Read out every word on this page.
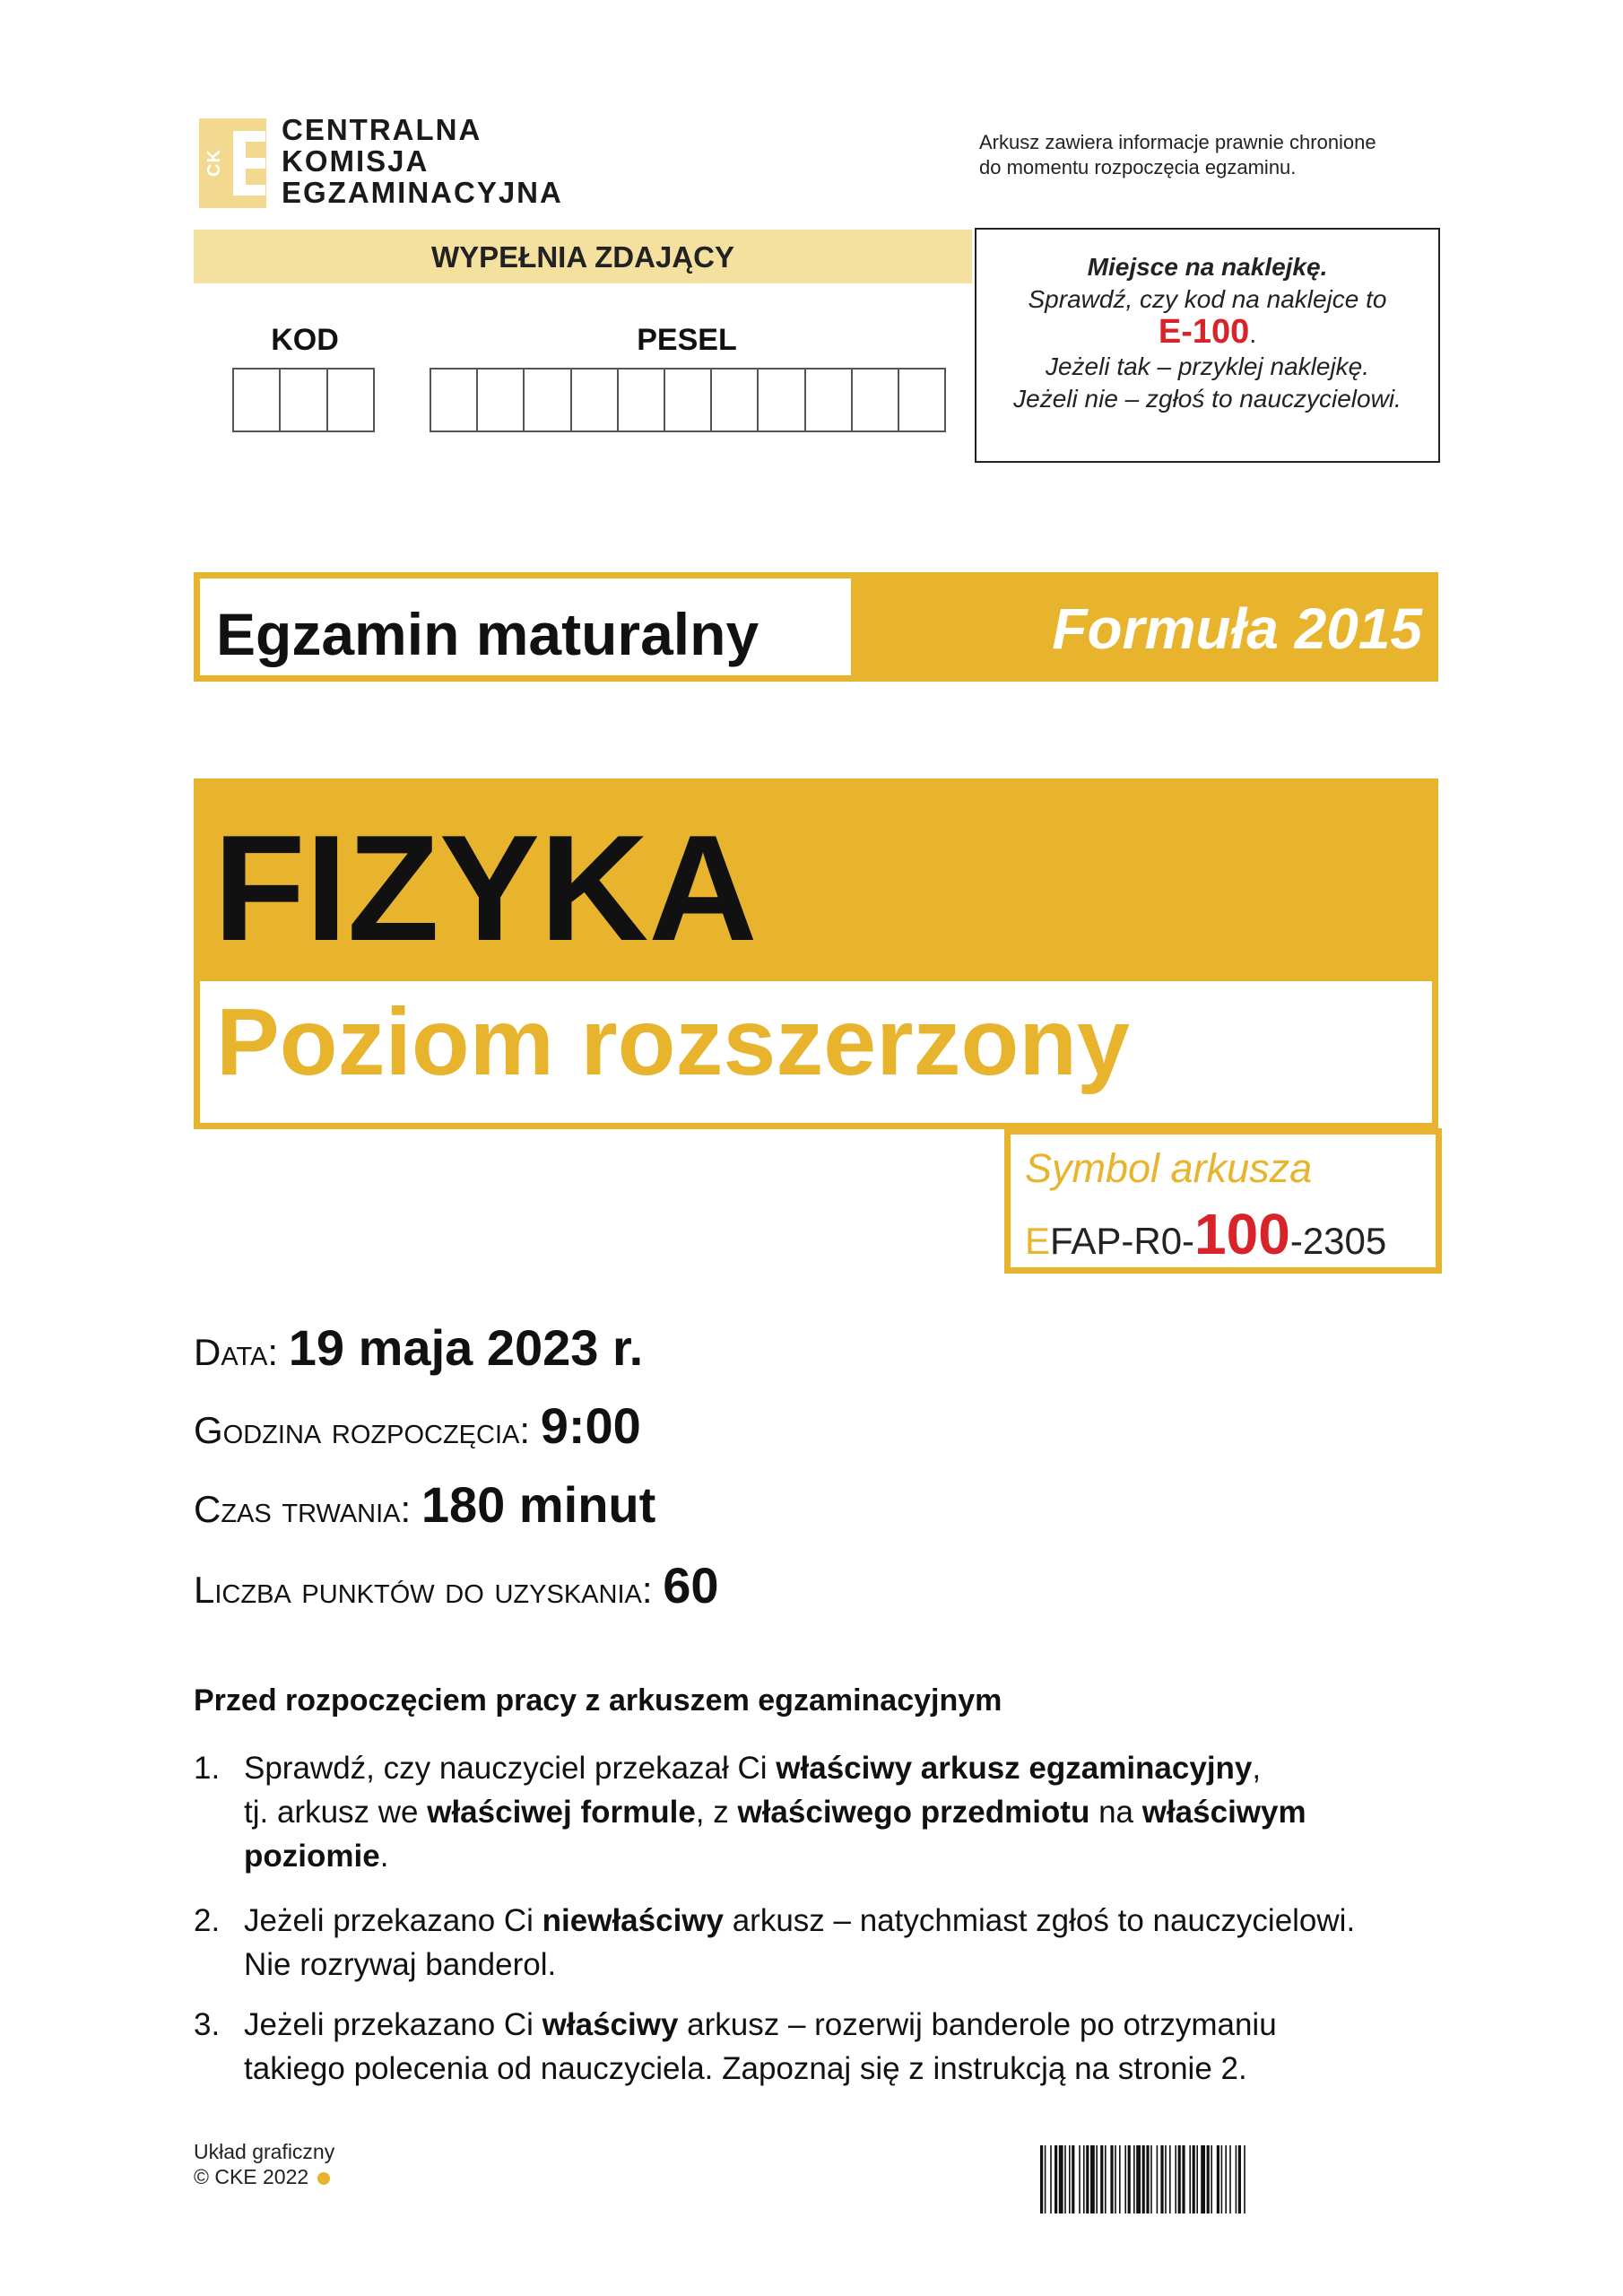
CK
CENTRALNA
KOMISJA
EGZAMINACYJNA
Arkusz zawiera informacje prawnie chronione
do momentu rozpoczęcia egzaminu.
WYPEŁNIA ZDAJĄCY
KOD	PESEL
Miejsce na naklejkę.
Sprawdź, czy kod na naklejce to
E-100.
Jeżeli tak – przyklej naklejkę.
Jeżeli nie – zgłoś to nauczycielowi.
Egzamin maturalny	Formuła 2015
FIZYKA
Poziom rozszerzony
Symbol arkusza
EFAP-R0-100-2305
Data: 19 maja 2023 r.
Godzina rozpoczęcia: 9:00
Czas trwania: 180 minut
Liczba punktów do uzyskania: 60
Przed rozpoczęciem pracy z arkuszem egzaminacyjnym
1. Sprawdź, czy nauczyciel przekazał Ci właściwy arkusz egzaminacyjny,
tj. arkusz we właściwej formule, z właściwego przedmiotu na właściwym
poziomie.
2. Jeżeli przekazano Ci niewłaściwy arkusz – natychmiast zgłoś to nauczycielowi.
Nie rozrywaj banderol.
3. Jeżeli przekazano Ci właściwy arkusz – rozerwij banderole po otrzymaniu
takiego polecenia od nauczyciela. Zapoznaj się z instrukcją na stronie 2.
Układ graficzny
© CKE 2022
